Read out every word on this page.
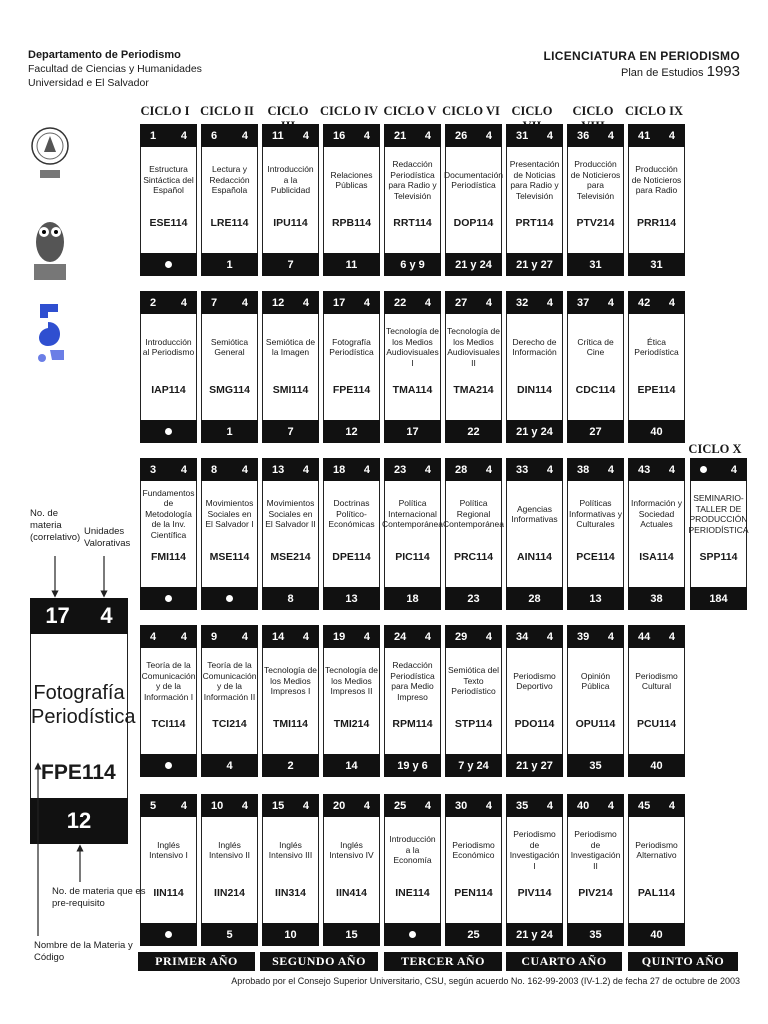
Departamento de Periodismo
Facultad de Ciencias y Humanidades
Universidad e El Salvador
LICENCIATURA EN PERIODISMO
Plan de Estudios 1993
CICLO I CICLO II	CICLO CICLO IV CICLO V CICLO VI CICLO	CICLO CICLO IX
CICLO X
1 4
Estructura Sintáctica del Español
ESE114
6 4
Lectura y Redacción Española
LRE114
1
11 4
Introducción a la Publicidad
IPU114
7
16 4
Relaciones Públicas
RPB114
11
21 4
Redacción Periodística para Radio y Televisión
RRT114
6 y 9
26 4
Documentación Periodística
DOP114
21 y 24
31 4
Presentación de Noticias para Radio y Televisión
PRT114
21 y 27
36 4
Producción de Noticieros para Televisión
PTV214
31
41 4
Producción de Noticieros para Radio
PRR114
31
2 4
Introducción al Periodismo
IAP114
7 4
Semiótica General
SMG114
1
12 4
Semiótica de la Imagen
SMI114
7
17 4
Fotografía Periodística
FPE114
12
22 4
Tecnología de los Medios Audiovisuales I
TMA114
17
27 4
Tecnología de los Medios Audiovisuales II
TMA214
22
32 4
Derecho de Información
DIN114
21 y 24
37 4
Crítica de Cine
CDC114
27
42 4
Ética Periodística
EPE114
40
3 4
Fundamentos de Metodología de la Inv. Científica
FMI114
8 4
Movimientos Sociales en El Salvador I
MSE114
13 4
Movimientos Sociales en El Salvador II
MSE214
8
18 4
Doctrinas Político-Económicas
DPE114
13
23 4
Política Internacional Contemporánea
PIC114
18
28 4
Política Regional Contemporánea
PRC114
23
33 4
Agencias Informativas
AIN114
28
38 4
Políticas Informativas y Culturales
PCE114
13
43 4
Información y Sociedad Actuales
ISA114
38
4
SEMINARIO-TALLER DE PRODUCCIÓN PERIODÍSTICA
SPP114
184
4 4
Teoría de la Comunicación y de la Información I
TCI114
9 4
Teoría de la Comunicación y de la Información II
TCI214
4
14 4
Tecnología de los Medios Impresos I
TMI114
2
19 4
Tecnología de los Medios Impresos II
TMI214
14
24 4
Redacción Periodística para Medio Impreso
RPM114
19 y 6
29 4
Semiótica del Texto Periodístico
STP114
7 y 24
34 4
Periodismo Deportivo
PDO114
21 y 27
39 4
Opinión Pública
OPU114
35
44 4
Periodismo Cultural
PCU114
40
5 4
Inglés Intensivo I
IIN114
10 4
Inglés Intensivo II
IIN214
5
15 4
Inglés Intensivo III
IIN314
10
20 4
Inglés Intensivo IV
IIN414
15
25 4
Introducción a la Economía
INE114
30 4
Periodismo Económico
PEN114
25
35 4
Periodismo de Investigación I
PIV114
21 y 24
40 4
Periodismo de Investigación II
PIV214
35
45 4
Periodismo Alternativo
PAL114
40
17 4
Fotografía Periodística
FPE114
12
No. de materia (correlativo)
Unidades Valorativas
No. de materia que es pre-requisito
Nombre de la Materia y Código	PRIMER AÑO	SEGUNDO AÑO	TERCER AÑO	CUARTO AÑO	QUINTO AÑO
Aprobado por el Consejo Superior Universitario, CSU, según acuerdo No. 162-99-2003 (IV-1.2) de fecha 27 de octubre de 2003
